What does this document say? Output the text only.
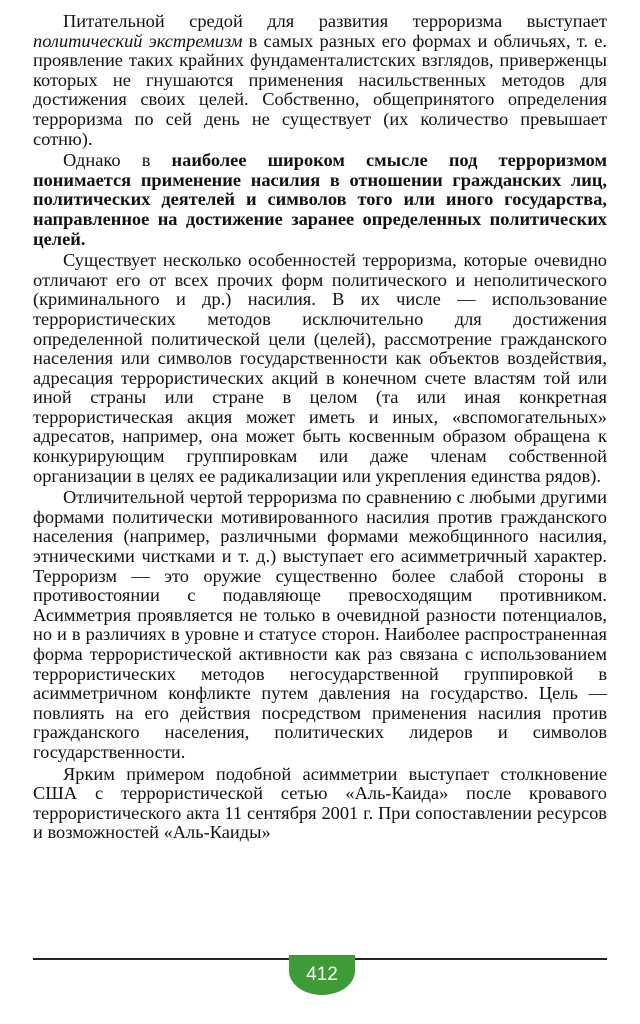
Питательной средой для развития терроризма выступает политический экстремизм в самых разных его формах и обличьях, т. е. проявление таких крайних фундаменталистских взглядов, приверженцы которых не гнушаются применения насильственных методов для достижения своих целей. Собственно, общепринятого определения терроризма по сей день не существует (их количество превышает сотню).

Однако в наиболее широком смысле под терроризмом понимается применение насилия в отношении гражданских лиц, политических деятелей и символов того или иного государства, направленное на достижение заранее определенных политических целей.

Существует несколько особенностей терроризма, которые очевидно отличают его от всех прочих форм политического и неполитического (криминального и др.) насилия. В их числе — использование террористических методов исключительно для достижения определенной политической цели (целей), рассмотрение гражданского населения или символов государственности как объектов воздействия, адресация террористических акций в конечном счете властям той или иной страны или стране в целом (та или иная конкретная террористическая акция может иметь и иных, «вспомогательных» адресатов, например, она может быть косвенным образом обращена к конкурирующим группировкам или даже членам собственной организации в целях ее радикализации или укрепления единства рядов).

Отличительной чертой терроризма по сравнению с любыми другими формами политически мотивированного насилия против гражданского населения (например, различными формами межобщинного насилия, этническими чистками и т. д.) выступает его асимметричный характер. Терроризм — это оружие существенно более слабой стороны в противостоянии с подавляюще превосходящим противником. Асимметрия проявляется не только в очевидной разности потенциалов, но и в различиях в уровне и статусе сторон. Наиболее распространенная форма террористической активности как раз связана с использованием террористических методов негосударственной группировкой в асимметричном конфликте путем давления на государство. Цель — повлиять на его действия посредством применения насилия против гражданского населения, политических лидеров и символов государственности.

Ярким примером подобной асимметрии выступает столкновение США с террористической сетью «Аль-Каида» после кровавого террористического акта 11 сентября 2001 г. При сопоставлении ресурсов и возможностей «Аль-Каиды»

412
